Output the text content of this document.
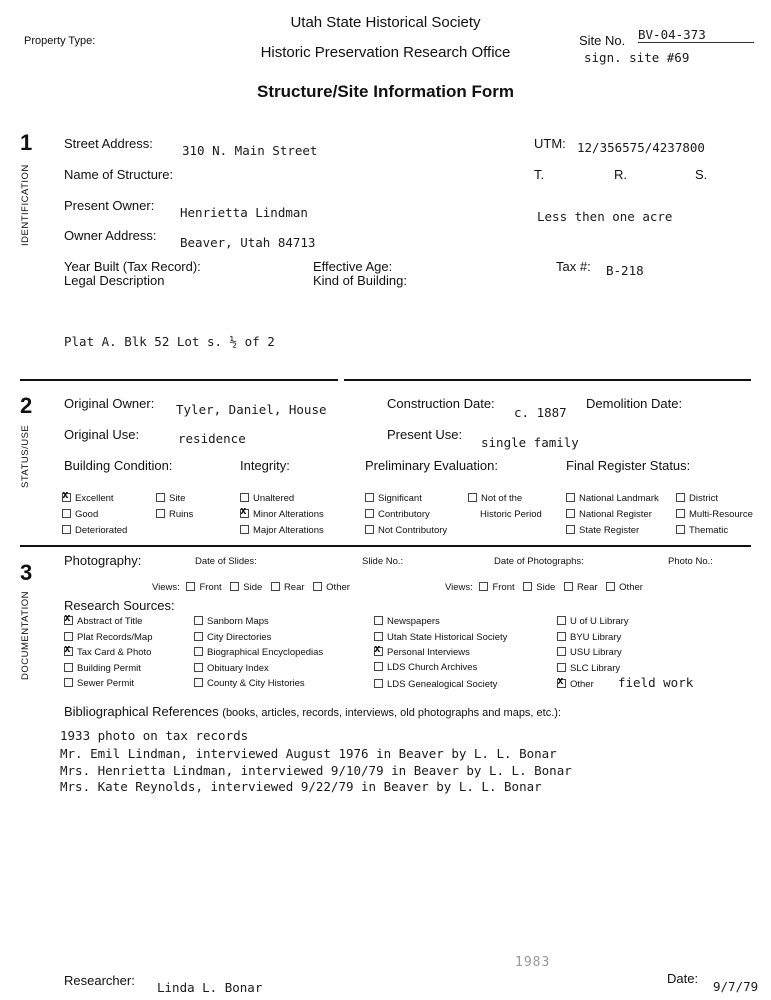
Property Type:
Utah State Historical Society
Historic Preservation Research Office
Structure/Site Information Form
Site No. BV-04-373
sign. site #69
1
IDENTIFICATION
Street Address: 310 N. Main Street	UTM: 12/356575/4237800
Name of Structure:	T.	R.	S.
Present Owner: Henrietta Lindman	Less then one acre
Owner Address: Beaver, Utah 84713
Year Built (Tax Record):	Effective Age:	Tax #: B-218
Legal Description	Kind of Building:
Plat A. Blk 52 Lot s. ½ of 2
2
STATUS/USE
Original Owner: Tyler, Daniel, House	Construction Date:
c. 1887
Demolition Date:
Original Use:	residence	Present Use:
single family
Building Condition:	Integrity:	Preliminary Evaluation:	Final Register Status:
xExcellent
Good
Deteriorated
Site
Ruins
Unaltered
xMinor Alterations
Major Alterations
Significant
Contributory
Not Contributory
Not of the
Historic Period
National Landmark
National Register
State Register
District
Multi-Resource
Thematic
3
DOCUMENTATION
Photography:	Date of Slides:	Slide No.:	Date of Photographs:	Photo No.:
Views: Front Side Rear Other	Views: Front Side Rear Other
Research Sources:
xAbstract of Title
Plat Records/Map
xTax Card & Photo
Building Permit
Sewer Permit
Sanborn Maps
City Directories
Biographical Encyclopedias
Obituary Index
County & City Histories
Newspapers
Utah State Historical Society
xPersonal Interviews
LDS Church Archives
LDS Genealogical Society
U of U Library
BYU Library
USU Library
SLC Library
xOther field work
Bibliographical References (books, articles, records, interviews, old photographs and maps, etc.):
1933 photo on tax records
Mr. Emil Lindman, interviewed August 1976 in Beaver by L. L. Bonar
Mrs. Henrietta Lindman, interviewed 9/10/79 in Beaver by L. L. Bonar
Mrs. Kate Reynolds, interviewed 9/22/79 in Beaver by L. L. Bonar
Researcher: Linda L. Bonar
1983
Date:
9/7/79
